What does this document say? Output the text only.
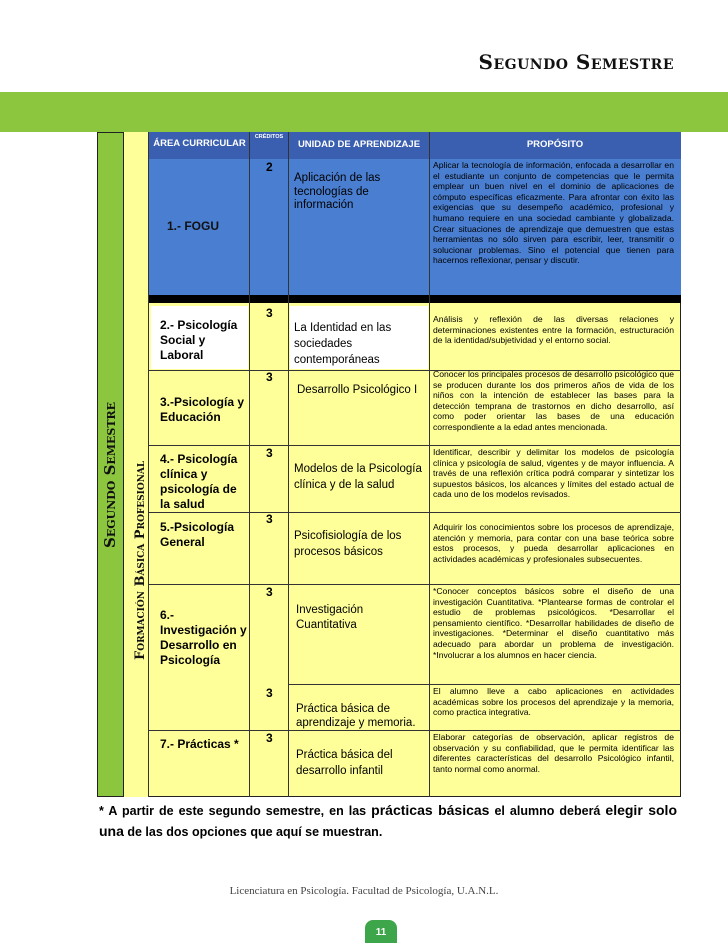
Segundo Semestre
Segundo Semestre Formación Básica Profesional
ÁREA CURRICULAR
CRÉDITOS
UNIDAD DE APRENDIZAJE	PROPÓSITO
1.- FOGU
2
Aplicación de las tecnologías de información
Aplicar la tecnología de información, enfocada a desarrollar en el estudiante un conjunto de competencias que le permita emplear un buen nivel en el dominio de aplicaciones de cómputo específicas eficazmente. Para afrontar con éxito las exigencias que su desempeño académico, profesional y humano requiere en una sociedad cambiante y globalizada. Crear situaciones de aprendizaje que demuestren que estas herramientas no sólo sirven para escribir, leer, transmitir o solucionar problemas. Sino el potencial que tienen para hacernos reflexionar, pensar y discutir.
2.- Psicología Social y Laboral
3
La Identidad en las sociedades contemporáneas
Análisis y reflexión de las diversas relaciones y determinaciones existentes entre la formación, estructuración de la identidad/subjetividad y el entorno social.
3.-Psicología y Educación
3
Desarrollo Psicológico I
Conocer los principales procesos de desarrollo psicológico que se producen durante los dos primeros años de vida de los niños con la intención de establecer las bases para la detección temprana de trastornos en dicho desarrollo, así como poder orientar las bases de una educación correspondiente a la edad antes mencionada.
4.- Psicología clínica y psicología de la salud
3
Modelos de la Psicología clínica y de la salud
Identificar, describir y delimitar los modelos de psicología clínica y psicología de salud, vigentes y de mayor influencia. A través de una reflexión crítica podrá comparar y sintetizar los supuestos básicos, los alcances y límites del estado actual de cada uno de los modelos revisados.
5.-Psicología General
3
Psicofisiología de los procesos básicos
Adquirir los conocimientos sobre los procesos de aprendizaje, atención y memoria, para contar con una base teórica sobre estos procesos, y pueda desarrollar aplicaciones en actividades académicas y profesionales subsecuentes.
6.- Investigación y Desarrollo en Psicología
3
Investigación Cuantitativa
*Conocer conceptos básicos sobre el diseño de una investigación Cuantitativa. *Plantearse formas de controlar el estudio de problemas psicológicos. *Desarrollar el pensamiento científico. *Desarrollar habilidades de diseño de investigaciones. *Determinar el diseño cuantitativo más adecuado para abordar un problema de investigación. *Involucrar a los alumnos en hacer ciencia.
3
Práctica básica de aprendizaje y memoria.
El alumno lleve a cabo aplicaciones en actividades académicas sobre los procesos del aprendizaje y la memoria, como practica integrativa.
7.- Prácticas * 3
Práctica básica del desarrollo infantil
Elaborar categorías de observación, aplicar registros de observación y su confiabilidad, que le permita identificar las diferentes características del desarrollo Psicológico infantil, tanto normal como anormal.
* A partir de este segundo semestre, en las prácticas básicas el alumno deberá elegir solo una de las dos opciones que aquí se muestran.
Licenciatura en Psicología. Facultad de Psicología, U.A.N.L.
11
